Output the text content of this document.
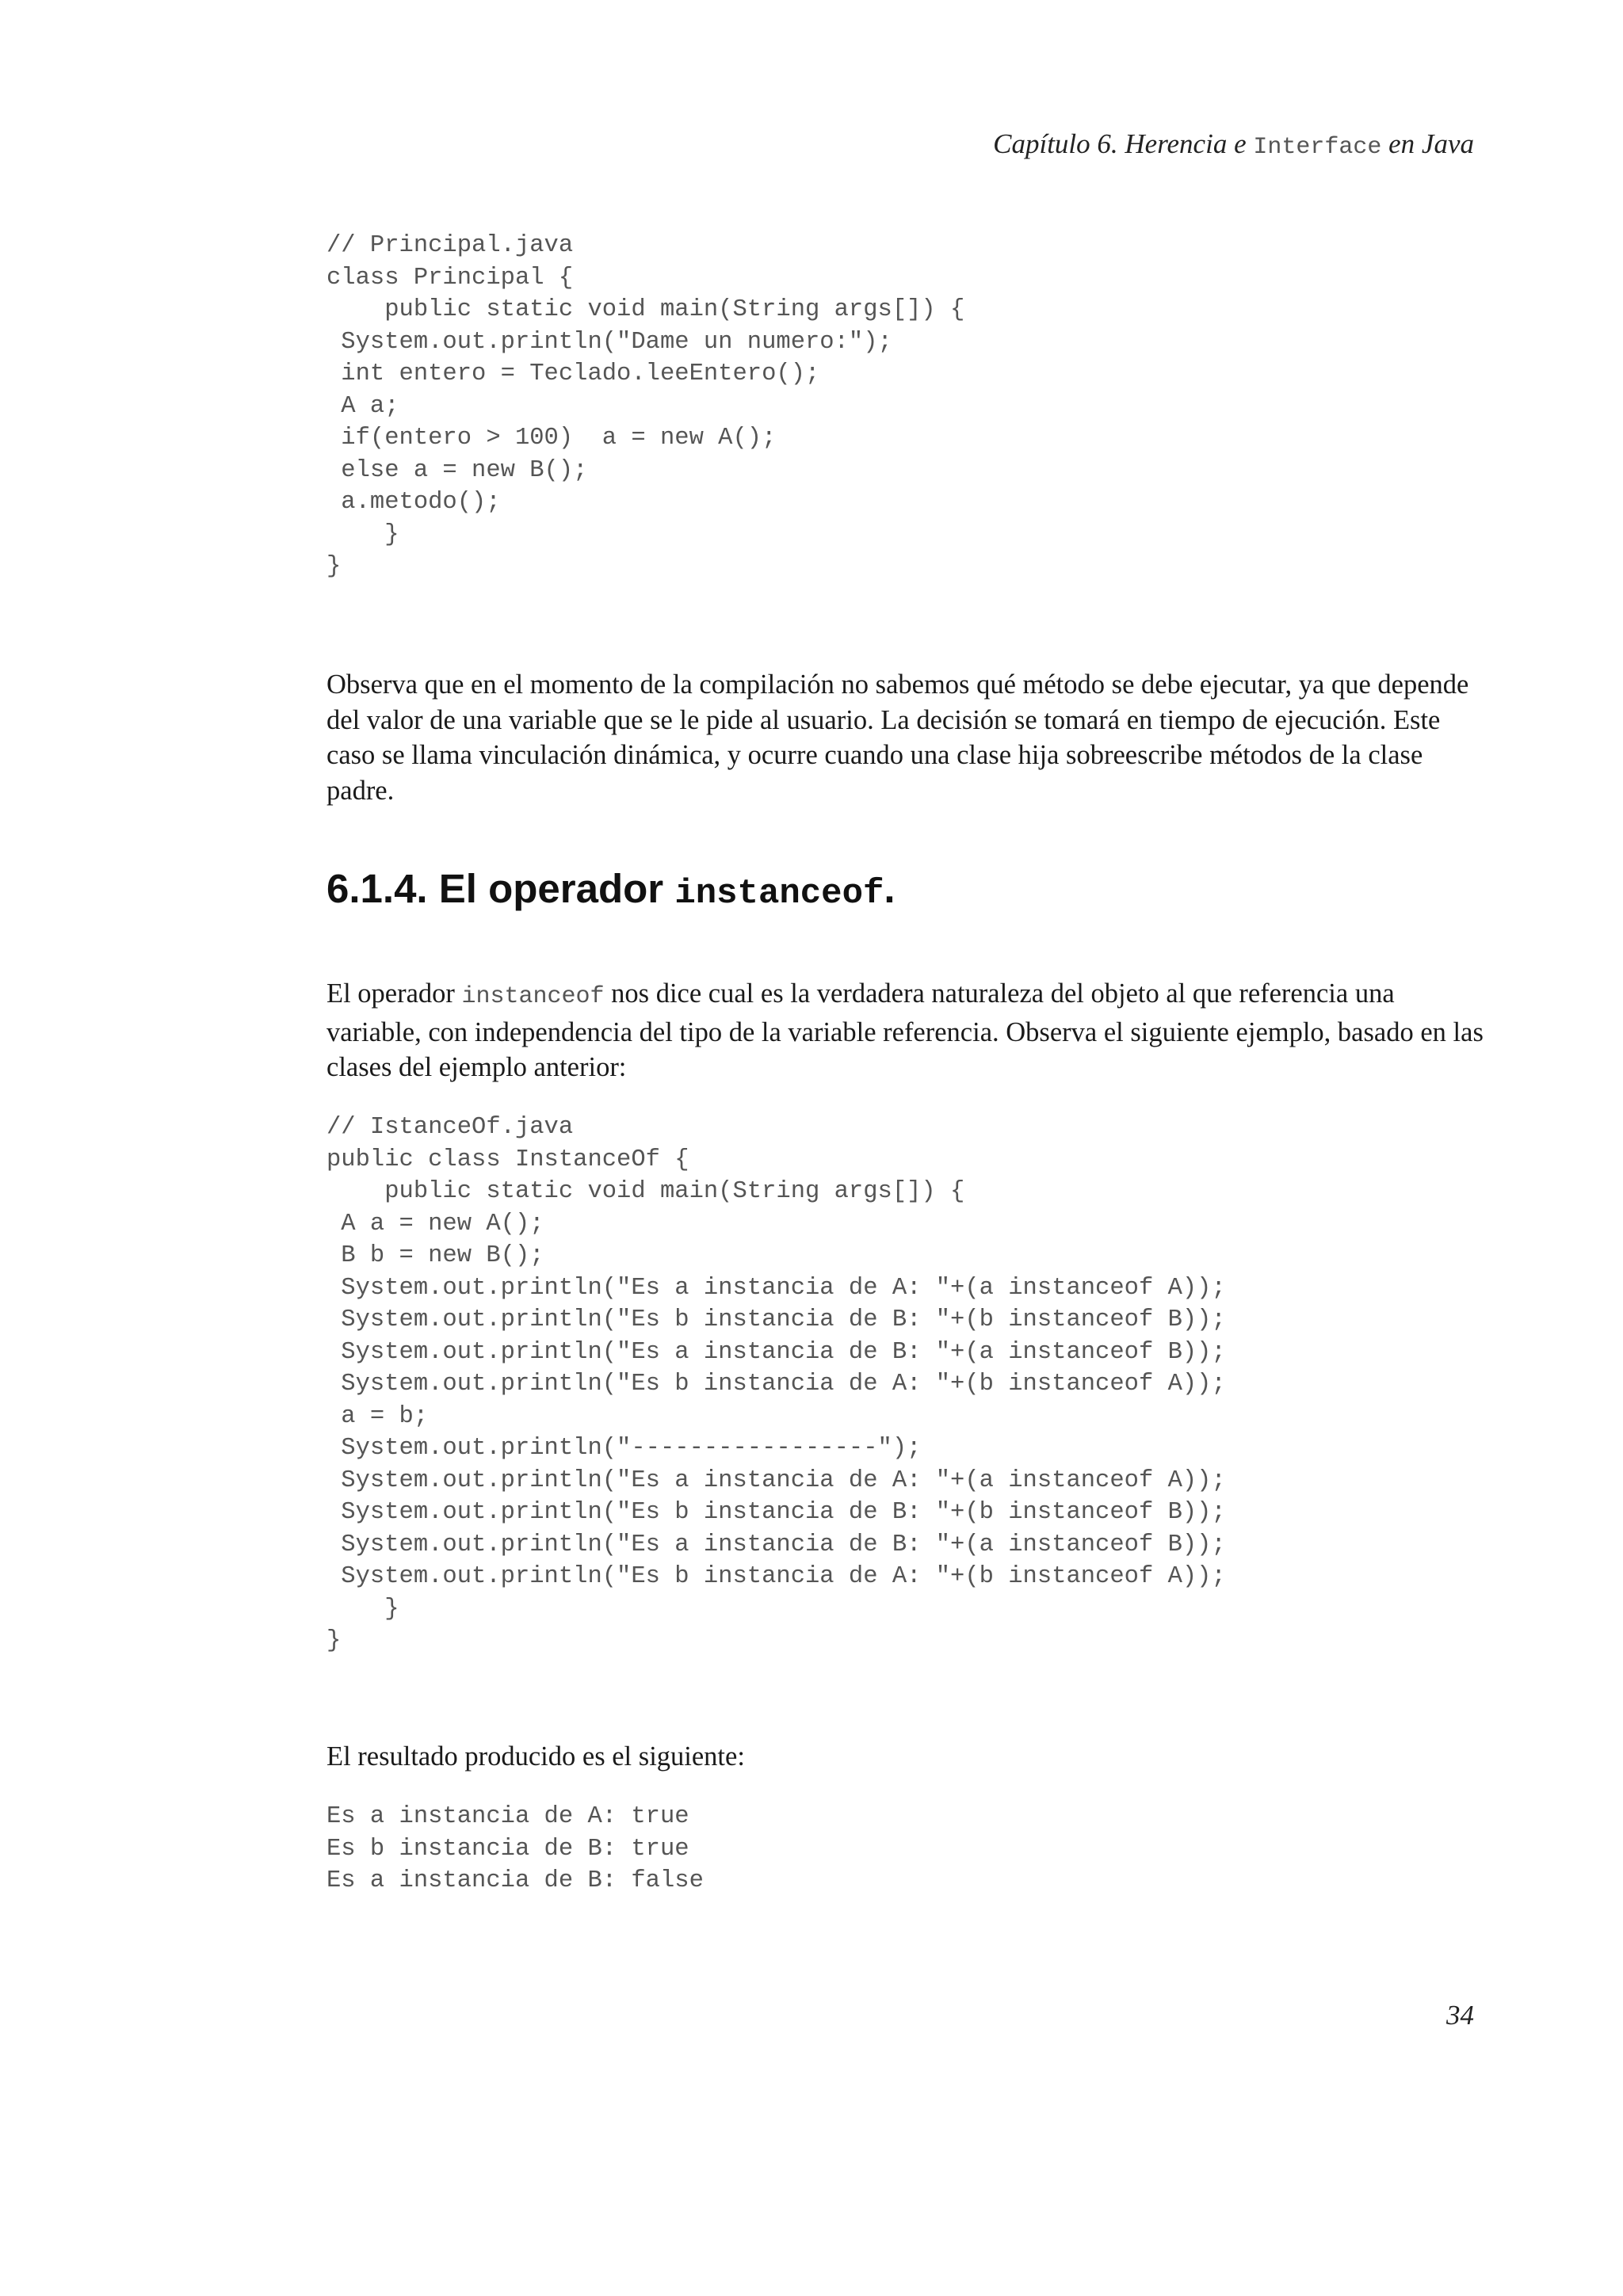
Capítulo 6. Herencia e Interface en Java
// Principal.java
class Principal {
public static void main(String args[]) {
System.out.println("Dame un numero:");
int entero = Teclado.leeEntero();
A a;
if(entero > 100)  a = new A();
else a = new B();
a.metodo();
}
}

Observa que en el momento de la compilación no sabemos qué método se debe ejecutar, ya que depende del valor de una variable que se le pide al usuario. La decisión se tomará en tiempo de ejecución. Este caso se llama vinculación dinámica, y ocurre cuando una clase hija sobreescribe métodos de la clase padre.

6.1.4. El operador instanceof.

El operador instanceof nos dice cual es la verdadera naturaleza del objeto al que referencia una variable, con independencia del tipo de la variable referencia. Observa el siguiente ejemplo, basado en las clases del ejemplo anterior:

// IstanceOf.java
public class InstanceOf {
public static void main(String args[]) {
A a = new A();
B b = new B();
System.out.println("Es a instancia de A: "+(a instanceof A));
System.out.println("Es b instancia de B: "+(b instanceof B));
System.out.println("Es a instancia de B: "+(a instanceof B));
System.out.println("Es b instancia de A: "+(b instanceof A));
a = b;
System.out.println("-----------------");
System.out.println("Es a instancia de A: "+(a instanceof A));
System.out.println("Es b instancia de B: "+(b instanceof B));
System.out.println("Es a instancia de B: "+(a instanceof B));
System.out.println("Es b instancia de A: "+(b instanceof A));
}
}

El resultado producido es el siguiente:

Es a instancia de A: true
Es b instancia de B: true
Es a instancia de B: false
34
